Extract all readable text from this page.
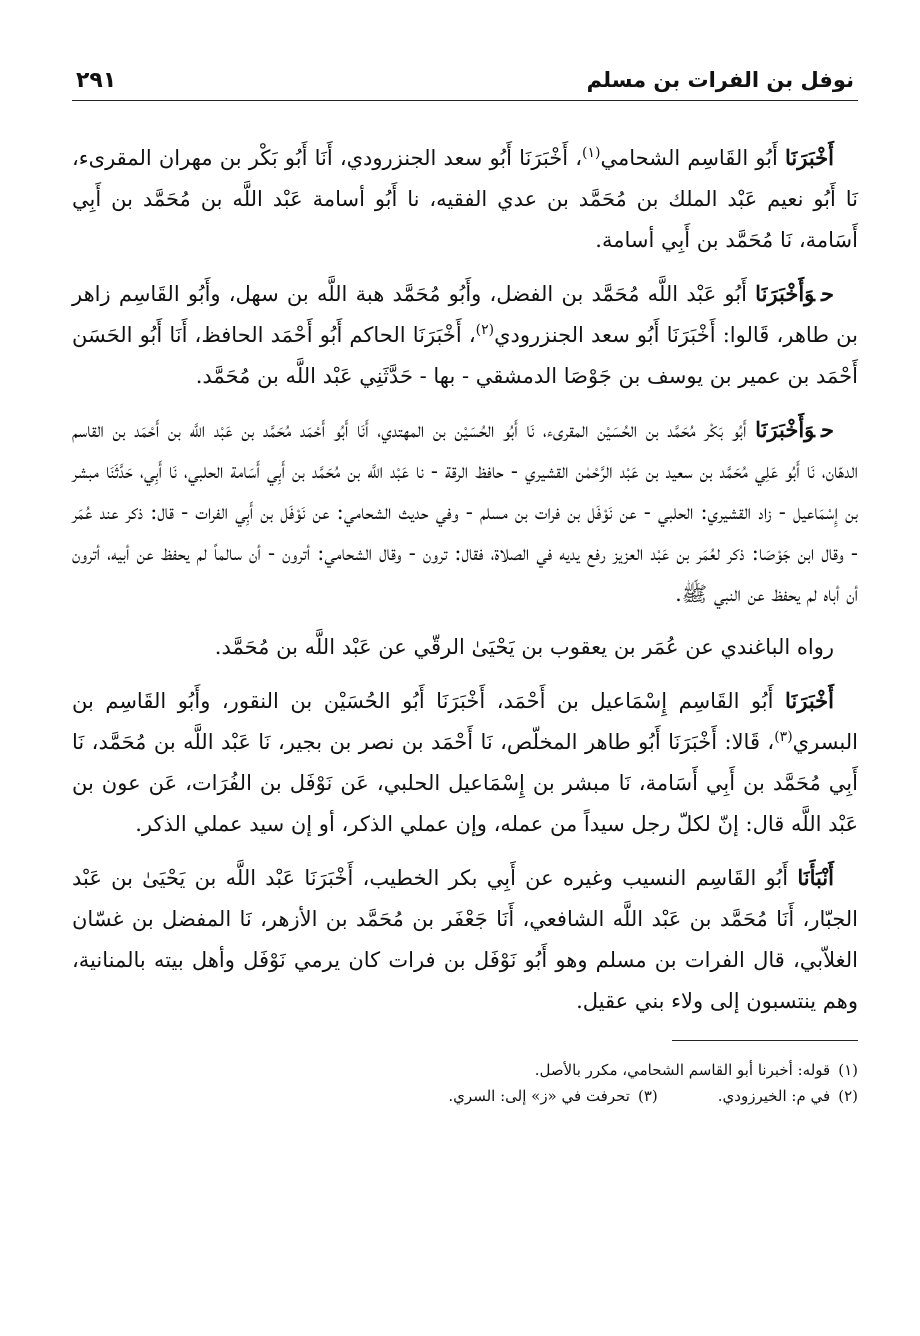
نوفل بن الفرات بن مسلم
٢٩١

أَخْبَرَنَا أَبُو القَاسِم الشحامي$^{(١)}$، أَخْبَرَنَا أَبُو سعد الجنزرودي، أَنَا أَبُو بَكْر بن مهران المقرىء، نَا أَبُو نعيم عَبْد الملك بن مُحَمَّد بن عدي الفقيه، نا أَبُو أسامة عَبْد اللَّه بن مُحَمَّد بن أَبِي أَسَامة، نَا مُحَمَّد بن أَبِي أسامة.

حوَأَخْبَرَنَا أَبُو عَبْد اللَّه مُحَمَّد بن الفضل، وأَبُو مُحَمَّد هبة اللَّه بن سهل، وأَبُو القَاسِم زاهر بن طاهر، قَالوا: أَخْبَرَنَا أَبُو سعد الجنزرودي$^{(٢)}$، أَخْبَرَنَا الحاكم أَبُو أَحْمَد الحافظ، أَنَا أَبُو الحَسَن أَحْمَد بن عمير بن يوسف بن جَوْصَا الدمشقي - بها - حَدَّثَنِي عَبْد اللَّه بن مُحَمَّد.

حوَأَخْبَرَنَا أَبُو بَكْر مُحَمَّد بن الحُسَيْن المقرىء، نَا أَبُو الحُسَيْن بن المهتدي، أَنَا أَبُو أَحْمَد مُحَمَّد بن عَبْد اللَّه بن أَحْمَد بن القاسم الدهّان، نَا أَبُو عَلِي مُحَمَّد بن سعيد بن عَبْد الرَّحْمٰن القشيري - حافظ الرقة - نا عَبْد اللَّه بن مُحَمَّد بن أَبِي أَسَامة الحلبي، نَا أَبِي، حَدَّثَنَا مبشر بن إِسْمَاعيل - زاد القشيري: الحلبي - عن نَوْفَل بن فرات بن مسلم - وفي حديث الشحامي: عن نَوْفَل بن أَبِي الفرات - قال: ذكر عند عُمَر - وقال ابن جَوْصَا: ذكر لعُمَر بن عَبْد العزيز رفع يديه في الصلاة، فقال: ترون - وقال الشحامي: أترون - أن سالماً لم يحفظ عن أبيه، أترون أن أباه لم يحفظ عن النبي ﷺ.

رواه الباغندي عن عُمَر بن يعقوب بن يَحْيَىٰ الرقّي عن عَبْد اللَّه بن مُحَمَّد.

أَخْبَرَنَا أَبُو القَاسِم إِسْمَاعيل بن أَحْمَد، أَخْبَرَنَا أَبُو الحُسَيْن بن النقور، وأَبُو القَاسِم بن البسري$^{(٣)}$، قَالا: أَخْبَرَنَا أَبُو طاهر المخلّص، نَا أَحْمَد بن نصر بن بجير، نَا عَبْد اللَّه بن مُحَمَّد، نَا أَبِي مُحَمَّد بن أَبِي أَسَامة، نَا مبشر بن إِسْمَاعيل الحلبي، عَن نَوْفَل بن الفُرَات، عَن عون بن عَبْد اللَّه قال: إنّ لكلّ رجل سيداً من عمله، وإن عملي الذكر، أو إن سيد عملي الذكر.

أَنْبَأَنَا أَبُو القَاسِم النسيب وغيره عن أَبِي بكر الخطيب، أَخْبَرَنَا عَبْد اللَّه بن يَحْيَىٰ بن عَبْد الجبّار، أَنَا مُحَمَّد بن عَبْد اللَّه الشافعي، أَنَا جَعْفَر بن مُحَمَّد بن الأزهر، نَا المفضل بن غسّان الغلاّبي، قال الفرات بن مسلم وهو أَبُو نَوْفَل بن فرات كان يرمي نَوْفَل وأهل بيته بالمنانية، وهم ينتسبون إلى ولاء بني عقيل.

(١)قوله: أخبرنا أبو القاسم الشحامي، مكرر بالأصل.
(٢)في م: الخيرزودي.
(٣)تحرفت في «ز» إلى: السري.
